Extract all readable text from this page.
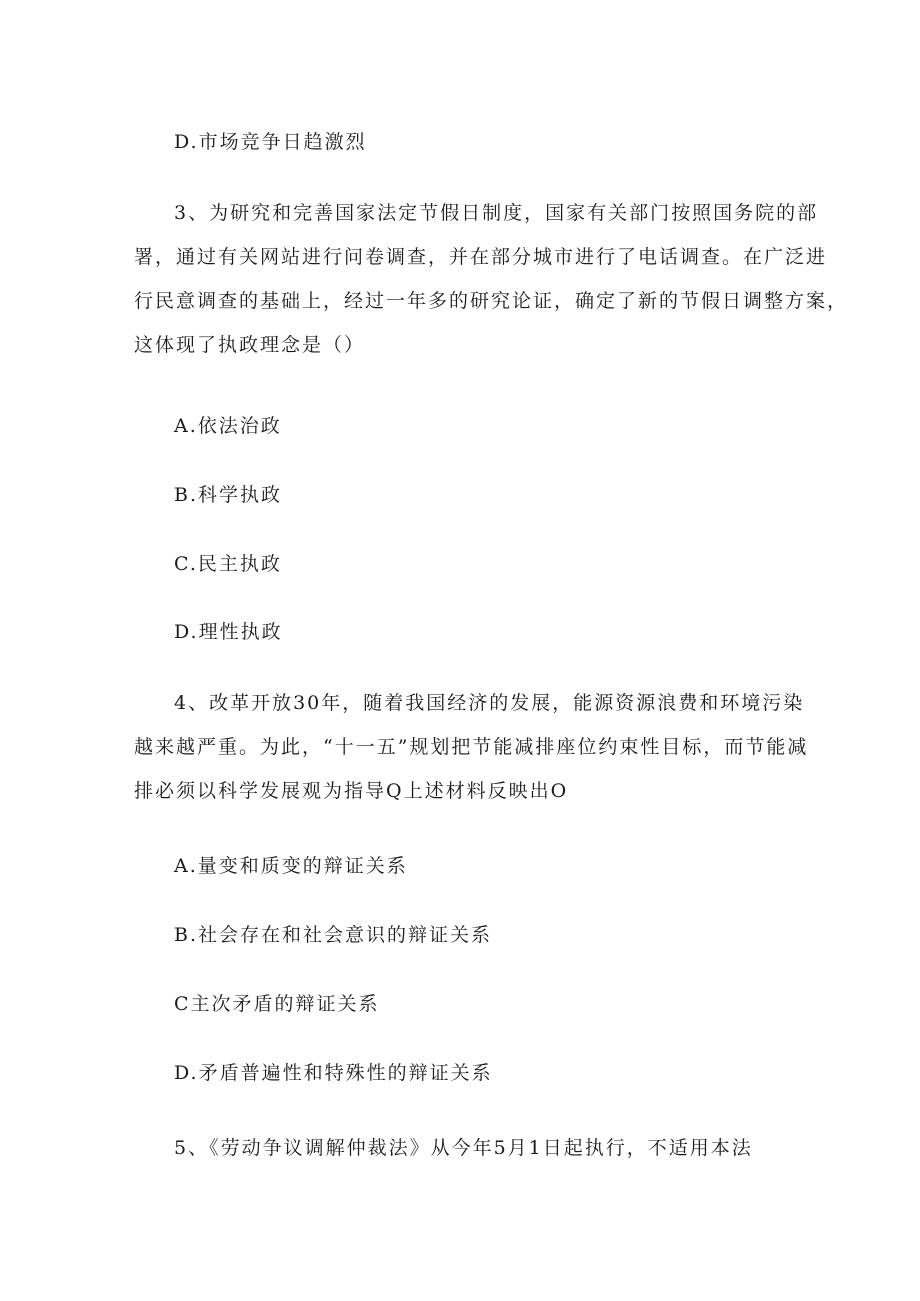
D.市场竞争日趋激烈
3、为研究和完善国家法定节假日制度，国家有关部门按照国务院的部
署，通过有关网站进行问卷调查，并在部分城市进行了电话调查。在广泛进
行民意调查的基础上，经过一年多的研究论证，确定了新的节假日调整方案，
这体现了执政理念是（）
A.依法治政
B.科学执政
C.民主执政
D.理性执政
4、改革开放30年，随着我国经济的发展，能源资源浪费和环境污染
越来越严重。为此，“十一五”规划把节能减排座位约束性目标，而节能减
排必须以科学发展观为指导Q上述材料反映出O
A.量变和质变的辩证关系
B.社会存在和社会意识的辩证关系
C主次矛盾的辩证关系
D.矛盾普遍性和特殊性的辩证关系
5、《劳动争议调解仲裁法》从今年5月1日起执行，不适用本法
